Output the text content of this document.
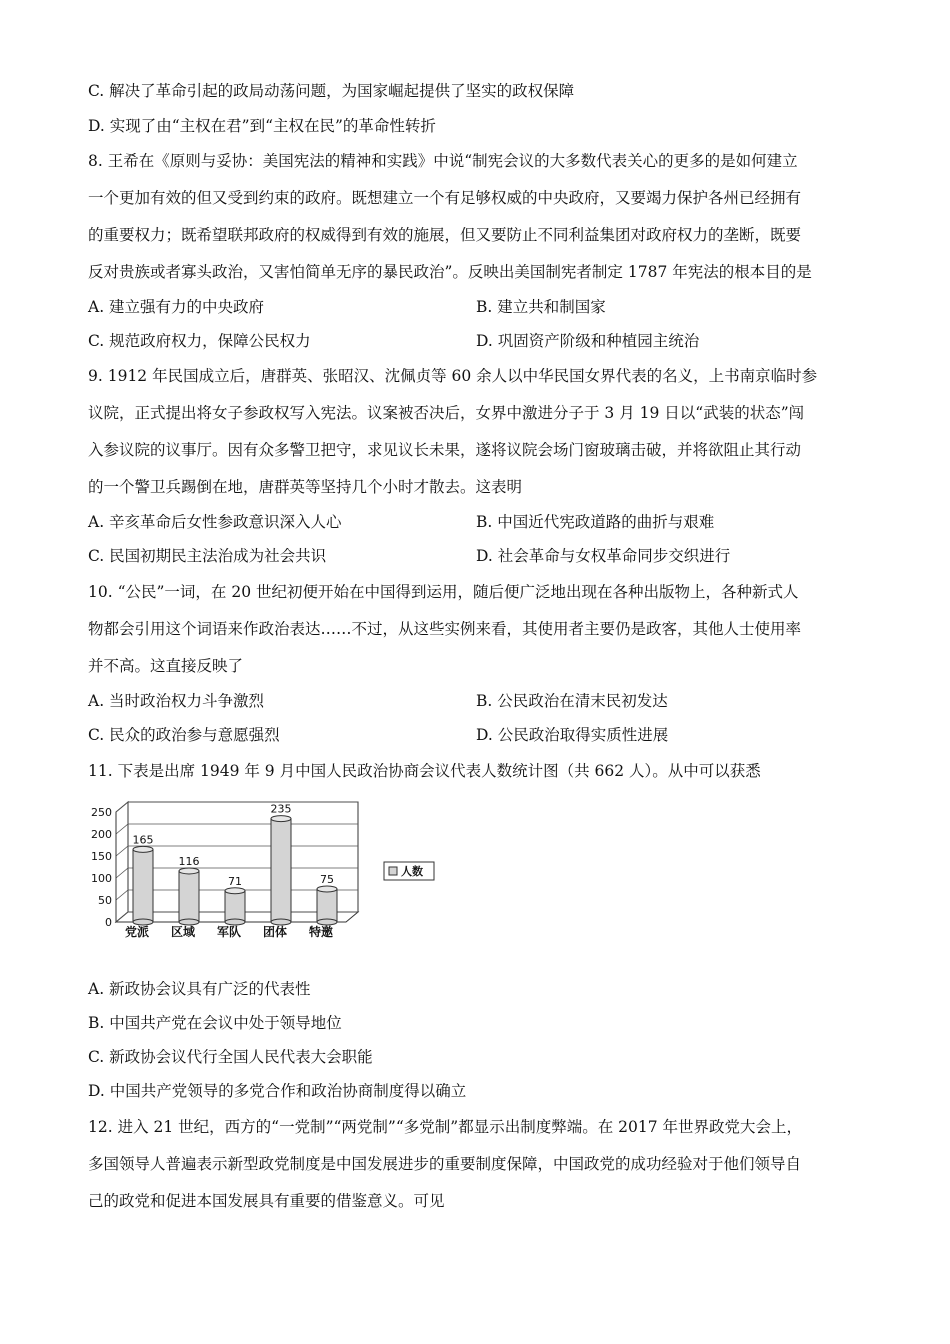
C. 解决了革命引起的政局动荡问题，为国家崛起提供了坚实的政权保障
D. 实现了由“主权在君”到“主权在民”的革命性转折
8. 王希在《原则与妥协：美国宪法的精神和实践》中说“制宪会议的大多数代表关心的更多的是如何建立
一个更加有效的但又受到约束的政府。既想建立一个有足够权威的中央政府，又要竭力保护各州已经拥有
的重要权力；既希望联邦政府的权威得到有效的施展，但又要防止不同利益集团对政府权力的垄断，既要
反对贵族或者寡头政治，又害怕简单无序的暴民政治”。反映出美国制宪者制定 1787 年宪法的根本目的是
A. 建立强有力的中央政府	B. 建立共和制国家
C. 规范政府权力，保障公民权力	D. 巩固资产阶级和种植园主统治
9. 1912 年民国成立后，唐群英、张昭汉、沈佩贞等 60 余人以中华民国女界代表的名义，上书南京临时参
议院，正式提出将女子参政权写入宪法。议案被否决后，女界中激进分子于 3 月 19 日以“武装的状态”闯
入参议院的议事厅。因有众多警卫把守，求见议长未果，遂将议院会场门窗玻璃击破，并将欲阻止其行动
的一个警卫兵踢倒在地，唐群英等坚持几个小时才散去。这表明
A. 辛亥革命后女性参政意识深入人心	B. 中国近代宪政道路的曲折与艰难
C. 民国初期民主法治成为社会共识	D. 社会革命与女权革命同步交织进行
10. “公民”一词，在 20 世纪初便开始在中国得到运用，随后便广泛地出现在各种出版物上，各种新式人
物都会引用这个词语来作政治表达……不过，从这些实例来看，其使用者主要仍是政客，其他人士使用率
并不高。这直接反映了
A. 当时政治权力斗争激烈	B. 公民政治在清末民初发达
C. 民众的政治参与意愿强烈	D. 公民政治取得实质性进展
11. 下表是出席 1949 年 9 月中国人民政治协商会议代表人数统计图（共 662 人）。从中可以获悉
250
200
150
100
50
0
165
党派
116
区域
71
军队
235
团体
75
特邀
人数
A. 新政协会议具有广泛的代表性
B. 中国共产党在会议中处于领导地位
C. 新政协会议代行全国人民代表大会职能
D. 中国共产党领导的多党合作和政治协商制度得以确立
12. 进入 21 世纪，西方的“一党制”“两党制”“多党制”都显示出制度弊端。在 2017 年世界政党大会上，
多国领导人普遍表示新型政党制度是中国发展进步的重要制度保障，中国政党的成功经验对于他们领导自
己的政党和促进本国发展具有重要的借鉴意义。可见
